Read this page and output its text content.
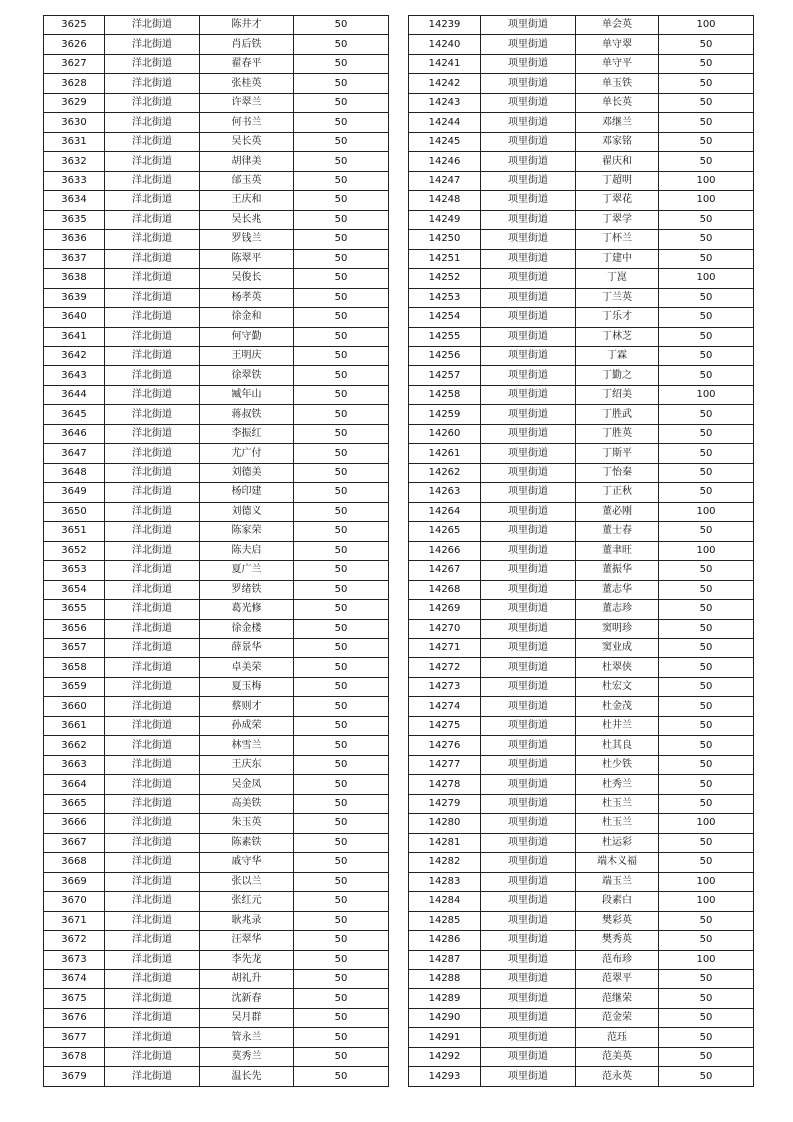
3625	洋北街道	陈井才	50
3626	洋北街道	肖后铁	50
3627	洋北街道	翟春平	50
3628	洋北街道	张桂英	50
3629	洋北街道	许翠兰	50
3630	洋北街道	何书兰	50
3631	洋北街道	吴长英	50
3632	洋北街道	胡律美	50
3633	洋北街道	邰玉英	50
3634	洋北街道	王庆和	50
3635	洋北街道	吴长兆	50
3636	洋北街道	罗钱兰	50
3637	洋北街道	陈翠平	50
3638	洋北街道	吴俊长	50
3639	洋北街道	杨孝英	50
3640	洋北街道	徐金和	50
3641	洋北街道	何守勤	50
3642	洋北街道	王明庆	50
3643	洋北街道	徐翠铁	50
3644	洋北街道	臧年山	50
3645	洋北街道	蒋叔铁	50
3646	洋北街道	李振红	50
3647	洋北街道	尤广付	50
3648	洋北街道	刘德美	50
3649	洋北街道	杨印建	50
3650	洋北街道	刘德义	50
3651	洋北街道	陈家荣	50
3652	洋北街道	陈夫启	50
3653	洋北街道	夏广兰	50
3654	洋北街道	罗绪铁	50
3655	洋北街道	葛光修	50
3656	洋北街道	徐金楼	50
3657	洋北街道	薛景华	50
3658	洋北街道	卓美荣	50
3659	洋北街道	夏玉梅	50
3660	洋北街道	蔡则才	50
3661	洋北街道	孙成荣	50
3662	洋北街道	林雪兰	50
3663	洋北街道	王庆东	50
3664	洋北街道	吴金凤	50
3665	洋北街道	高美铁	50
3666	洋北街道	朱玉英	50
3667	洋北街道	陈素铁	50
3668	洋北街道	戚守华	50
3669	洋北街道	张以兰	50
3670	洋北街道	张红元	50
3671	洋北街道	耿兆录	50
3672	洋北街道	汪翠华	50
3673	洋北街道	李先龙	50
3674	洋北街道	胡礼升	50
3675	洋北街道	沈新春	50
3676	洋北街道	吴月群	50
3677	洋北街道	管永兰	50
3678	洋北街道	莫秀兰	50
3679	洋北街道	温长先	50
14239	项里街道	单会英	100
14240	项里街道	单守翠	50
14241	项里街道	单守平	50
14242	项里街道	单玉铁	50
14243	项里街道	单长英	50
14244	项里街道	邓继兰	50
14245	项里街道	邓家铭	50
14246	项里街道	翟庆和	50
14247	项里街道	丁超明	100
14248	项里街道	丁翠花	100
14249	项里街道	丁翠学	50
14250	项里街道	丁杯兰	50
14251	项里街道	丁建中	50
14252	项里街道	丁崑	100
14253	项里街道	丁兰英	50
14254	项里街道	丁乐才	50
14255	项里街道	丁林芝	50
14256	项里街道	丁霖	50
14257	项里街道	丁勤之	50
14258	项里街道	丁绍美	100
14259	项里街道	丁胜武	50
14260	项里街道	丁胜英	50
14261	项里街道	丁斯平	50
14262	项里街道	丁怡秦	50
14263	项里街道	丁正秋	50
14264	项里街道	董必刚	100
14265	项里街道	董士春	50
14266	项里街道	董聿旺	100
14267	项里街道	董振华	50
14268	项里街道	董志华	50
14269	项里街道	董志珍	50
14270	项里街道	窦明珍	50
14271	项里街道	窦业成	50
14272	项里街道	杜翠侠	50
14273	项里街道	杜宏文	50
14274	项里街道	杜金茂	50
14275	项里街道	杜井兰	50
14276	项里街道	杜其良	50
14277	项里街道	杜少铁	50
14278	项里街道	杜秀兰	50
14279	项里街道	杜玉兰	50
14280	项里街道	杜玉兰	100
14281	项里街道	杜运彩	50
14282	项里街道	端木义福	50
14283	项里街道	端玉兰	100
14284	项里街道	段素白	100
14285	项里街道	樊彩英	50
14286	项里街道	樊秀英	50
14287	项里街道	范布珍	100
14288	项里街道	范翠平	50
14289	项里街道	范继荣	50
14290	项里街道	范金荣	50
14291	项里街道	范珏	50
14292	项里街道	范美英	50
14293	项里街道	范永英	50
